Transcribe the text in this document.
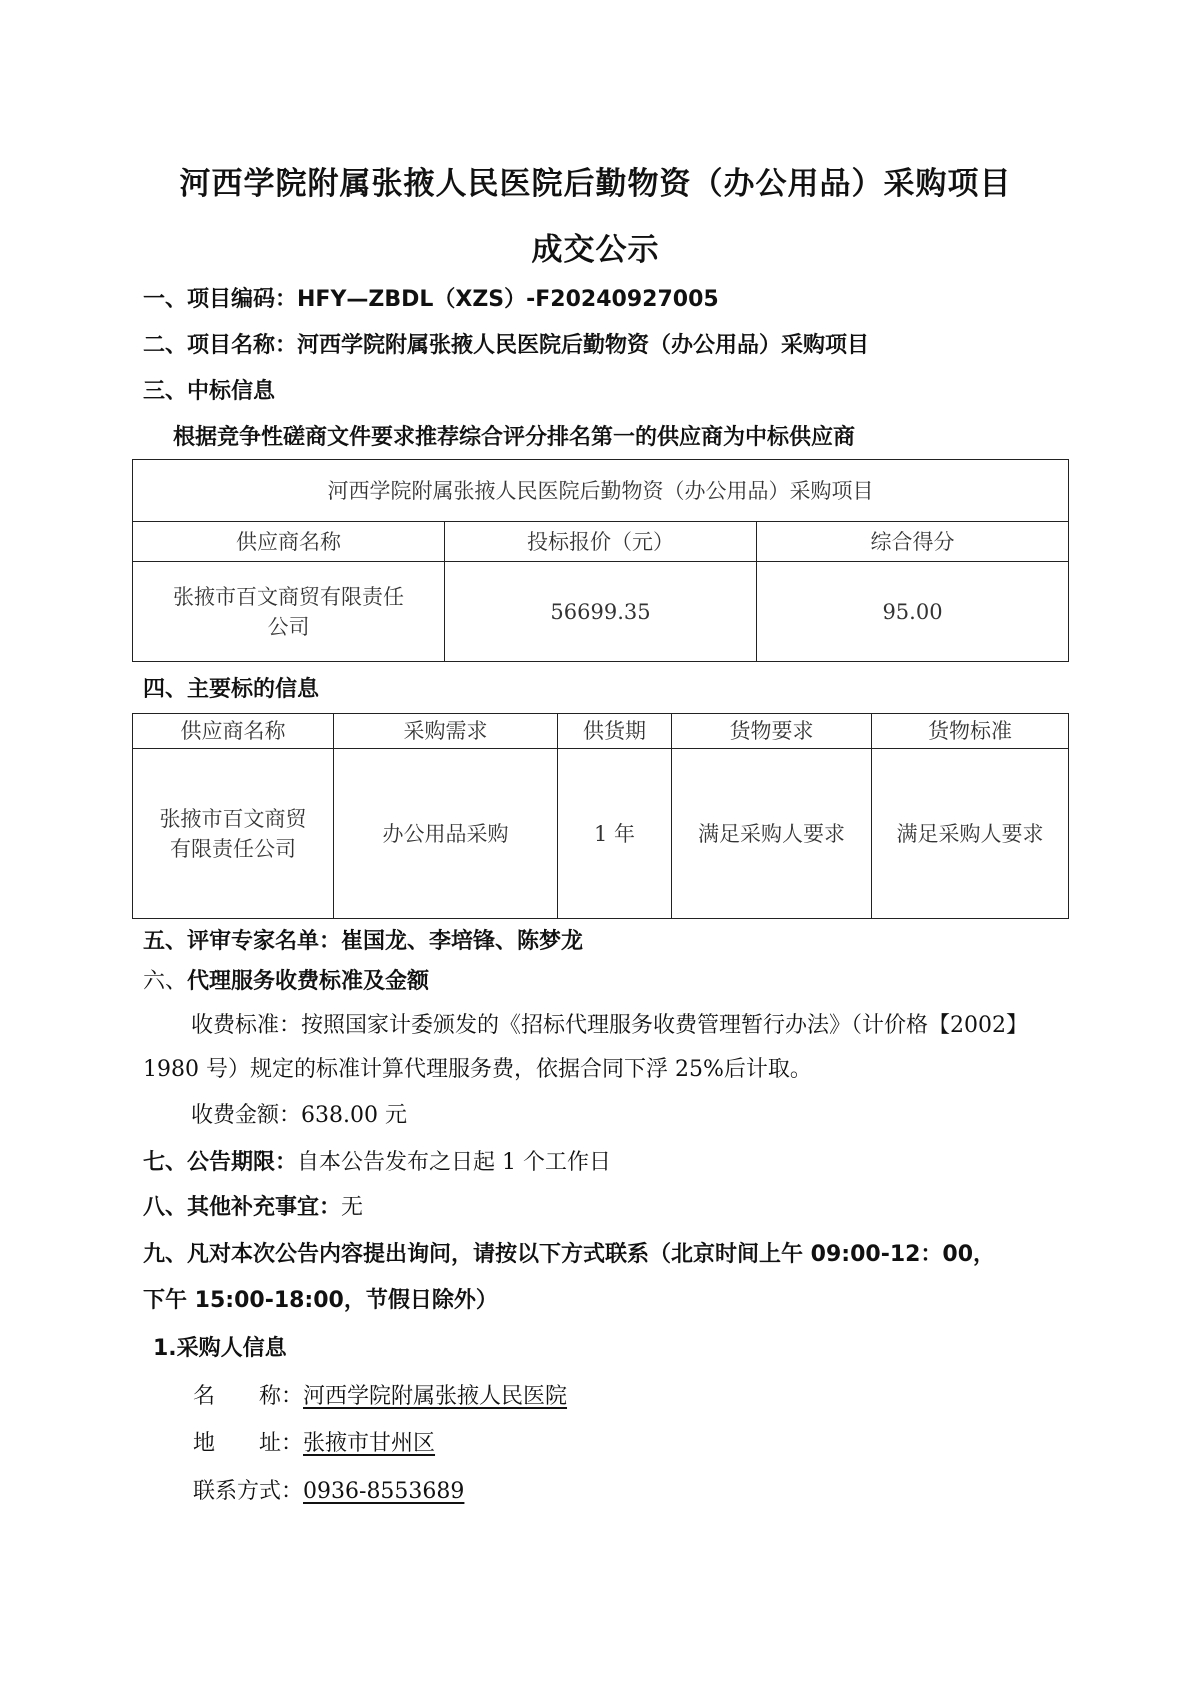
河西学院附属张掖人民医院后勤物资（办公用品）采购项目
成交公示
一、项目编码：HFY—ZBDL（XZS）-F20240927005
二、项目名称：河西学院附属张掖人民医院后勤物资（办公用品）采购项目
三、中标信息
根据竞争性磋商文件要求推荐综合评分排名第一的供应商为中标供应商
河西学院附属张掖人民医院后勤物资（办公用品）采购项目		
供应商名称	投标报价（元）	综合得分

张掖市百文商贸有限责任
公司	56699.35	95.00
四、主要标的信息
供应商名称	采购需求	供货期	货物要求	货物标准

张掖市百文商贸
有限责任公司	办公用品采购	1 年	满足采购人要求	满足采购人要求
五、评审专家名单：崔国龙、李培锋、陈梦龙
六、代理服务收费标准及金额
收费标准：按照国家计委颁发的《招标代理服务收费管理暂行办法》（计价格【2002】
1980 号）规定的标准计算代理服务费，依据合同下浮 25%后计取。
收费金额：638.00 元
七、公告期限：自本公告发布之日起 1 个工作日
八、其他补充事宜：无
九、凡对本次公告内容提出询问，请按以下方式联系（北京时间上午 09:00-12：00，
下午 15:00-18:00，节假日除外）
1.采购人信息
名　　称：河西学院附属张掖人民医院
地　　址：张掖市甘州区
联系方式：0936-8553689
